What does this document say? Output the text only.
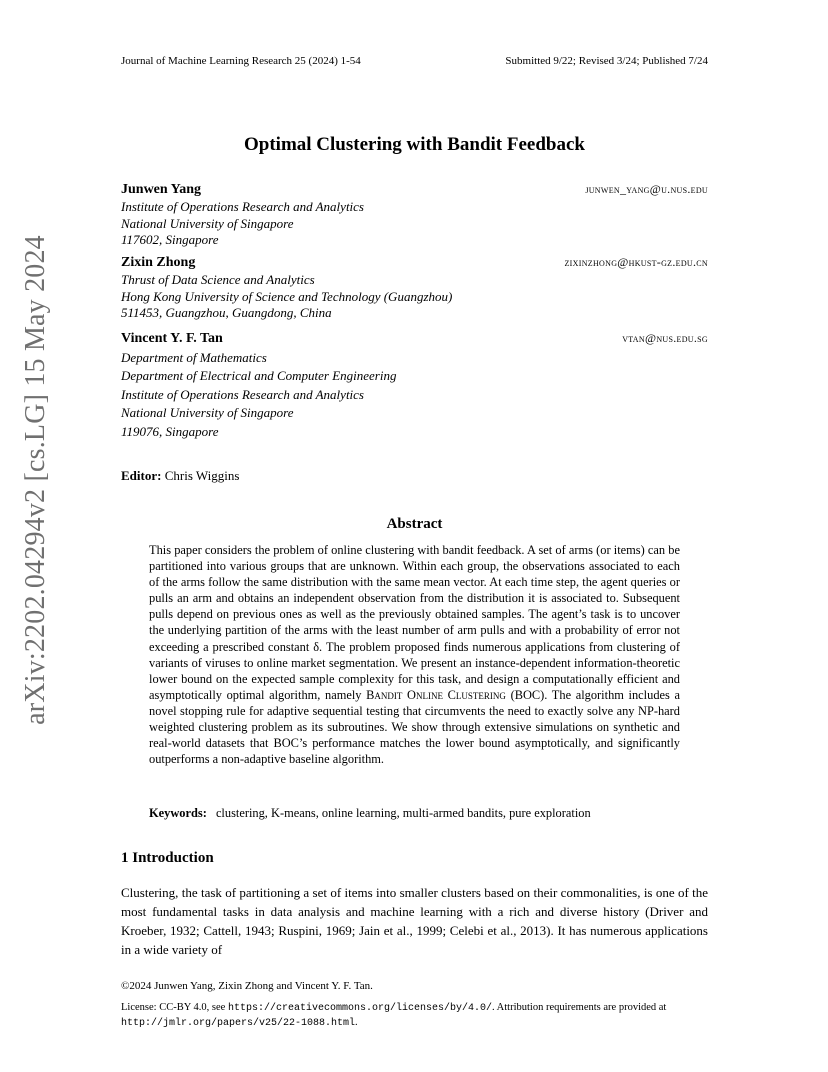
arXiv:2202.04294v2 [cs.LG] 15 May 2024
Journal of Machine Learning Research 25 (2024) 1-54	Submitted 9/22; Revised 3/24; Published 7/24
Optimal Clustering with Bandit Feedback
Junwen Yang	junwen_yang@u.nus.edu
Institute of Operations Research and Analytics
National University of Singapore
117602, Singapore
Zixin Zhong	zixinzhong@hkust-gz.edu.cn
Thrust of Data Science and Analytics
Hong Kong University of Science and Technology (Guangzhou)
511453, Guangzhou, Guangdong, China
Vincent Y. F. Tan	vtan@nus.edu.sg
Department of Mathematics
Department of Electrical and Computer Engineering
Institute of Operations Research and Analytics
National University of Singapore
119076, Singapore
Editor: Chris Wiggins
Abstract

This paper considers the problem of online clustering with bandit feedback. A set of arms (or items) can be partitioned into various groups that are unknown. Within each group, the observations associated to each of the arms follow the same distribution with the same mean vector. At each time step, the agent queries or pulls an arm and obtains an independent observation from the distribution it is associated to. Subsequent pulls depend on previous ones as well as the previously obtained samples. The agent’s task is to uncover the underlying partition of the arms with the least number of arm pulls and with a probability of error not exceeding a prescribed constant δ. The problem proposed finds numerous applications from clustering of variants of viruses to online market segmentation. We present an instance-dependent information-theoretic lower bound on the expected sample complexity for this task, and design a computationally efficient and asymptotically optimal algorithm, namely Bandit Online Clustering (BOC). The algorithm includes a novel stopping rule for adaptive sequential testing that circumvents the need to exactly solve any NP-hard weighted clustering problem as its subroutines. We show through extensive simulations on synthetic and real-world datasets that BOC’s performance matches the lower bound asymptotically, and significantly outperforms a non-adaptive baseline algorithm.

Keywords: clustering, K-means, online learning, multi-armed bandits, pure exploration
1 Introduction

Clustering, the task of partitioning a set of items into smaller clusters based on their commonalities, is one of the most fundamental tasks in data analysis and machine learning with a rich and diverse history (Driver and Kroeber, 1932; Cattell, 1943; Ruspini, 1969; Jain et al., 1999; Celebi et al., 2013). It has numerous applications in a wide variety of

©2024 Junwen Yang, Zixin Zhong and Vincent Y. F. Tan.
License: CC-BY 4.0, see https://creativecommons.org/licenses/by/4.0/. Attribution requirements are provided at http://jmlr.org/papers/v25/22-1088.html.
